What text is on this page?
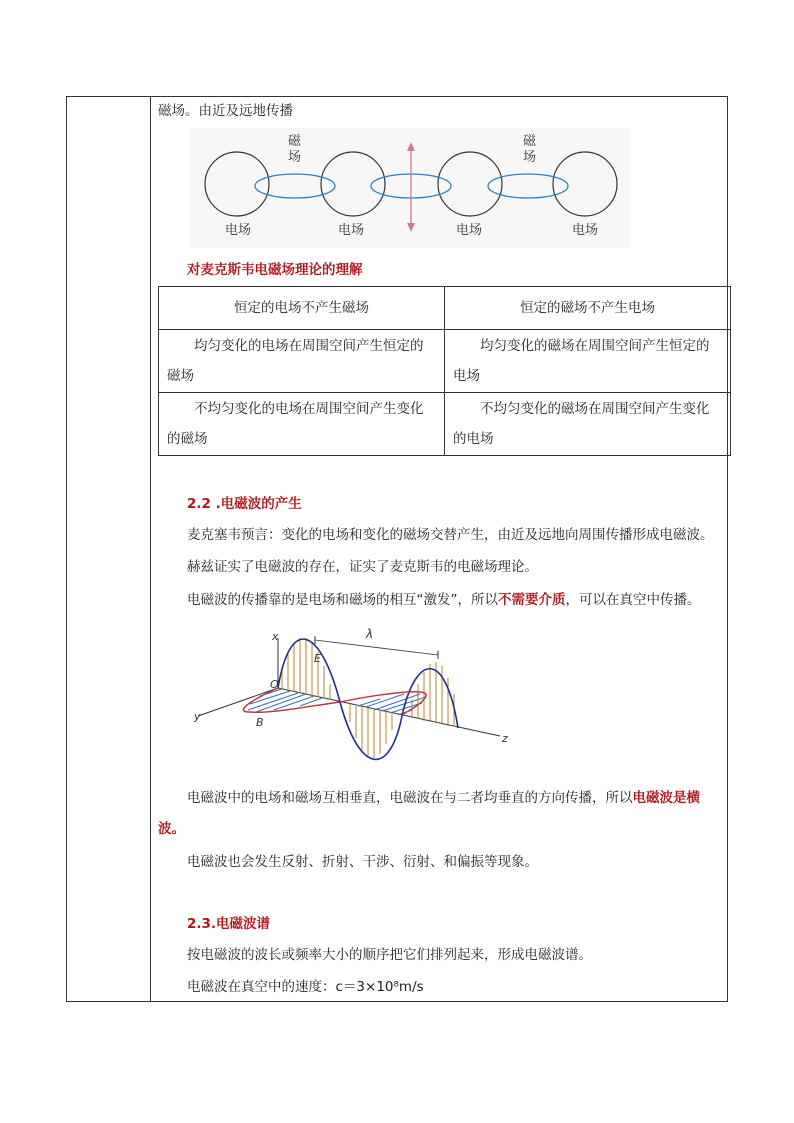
磁场。由近及远地传播
磁
场
磁
场
电场	电场	电场	电场
对麦克斯韦电磁场理论的理解
恒定的电场不产生磁场	恒定的磁场不产生电场
均匀变化的电场在周围空间产生恒定的磁场	均匀变化的磁场在周围空间产生恒定的电场
不均匀变化的电场在周围空间产生变化的磁场	不均匀变化的磁场在周围空间产生变化的电场
2.2 .电磁波的产生
麦克塞韦预言：变化的电场和变化的磁场交替产生，由近及远地向周围传播形成电磁波。
赫兹证实了电磁波的存在，证实了麦克斯韦的电磁场理论。
电磁波的传播靠的是电场和磁场的相互“激发”，所以不需要介质，可以在真空中传播。
x
O
E
λ
y	B
z
电磁波中的电场和磁场互相垂直，电磁波在与二者均垂直的方向传播，所以电磁波是横
波。
电磁波也会发生反射、折射、干涉、衍射、和偏振等现象。
2.3.电磁波谱
按电磁波的波长或频率大小的顺序把它们排列起来，形成电磁波谱。
电磁波在真空中的速度：c＝3×10⁸m/s
